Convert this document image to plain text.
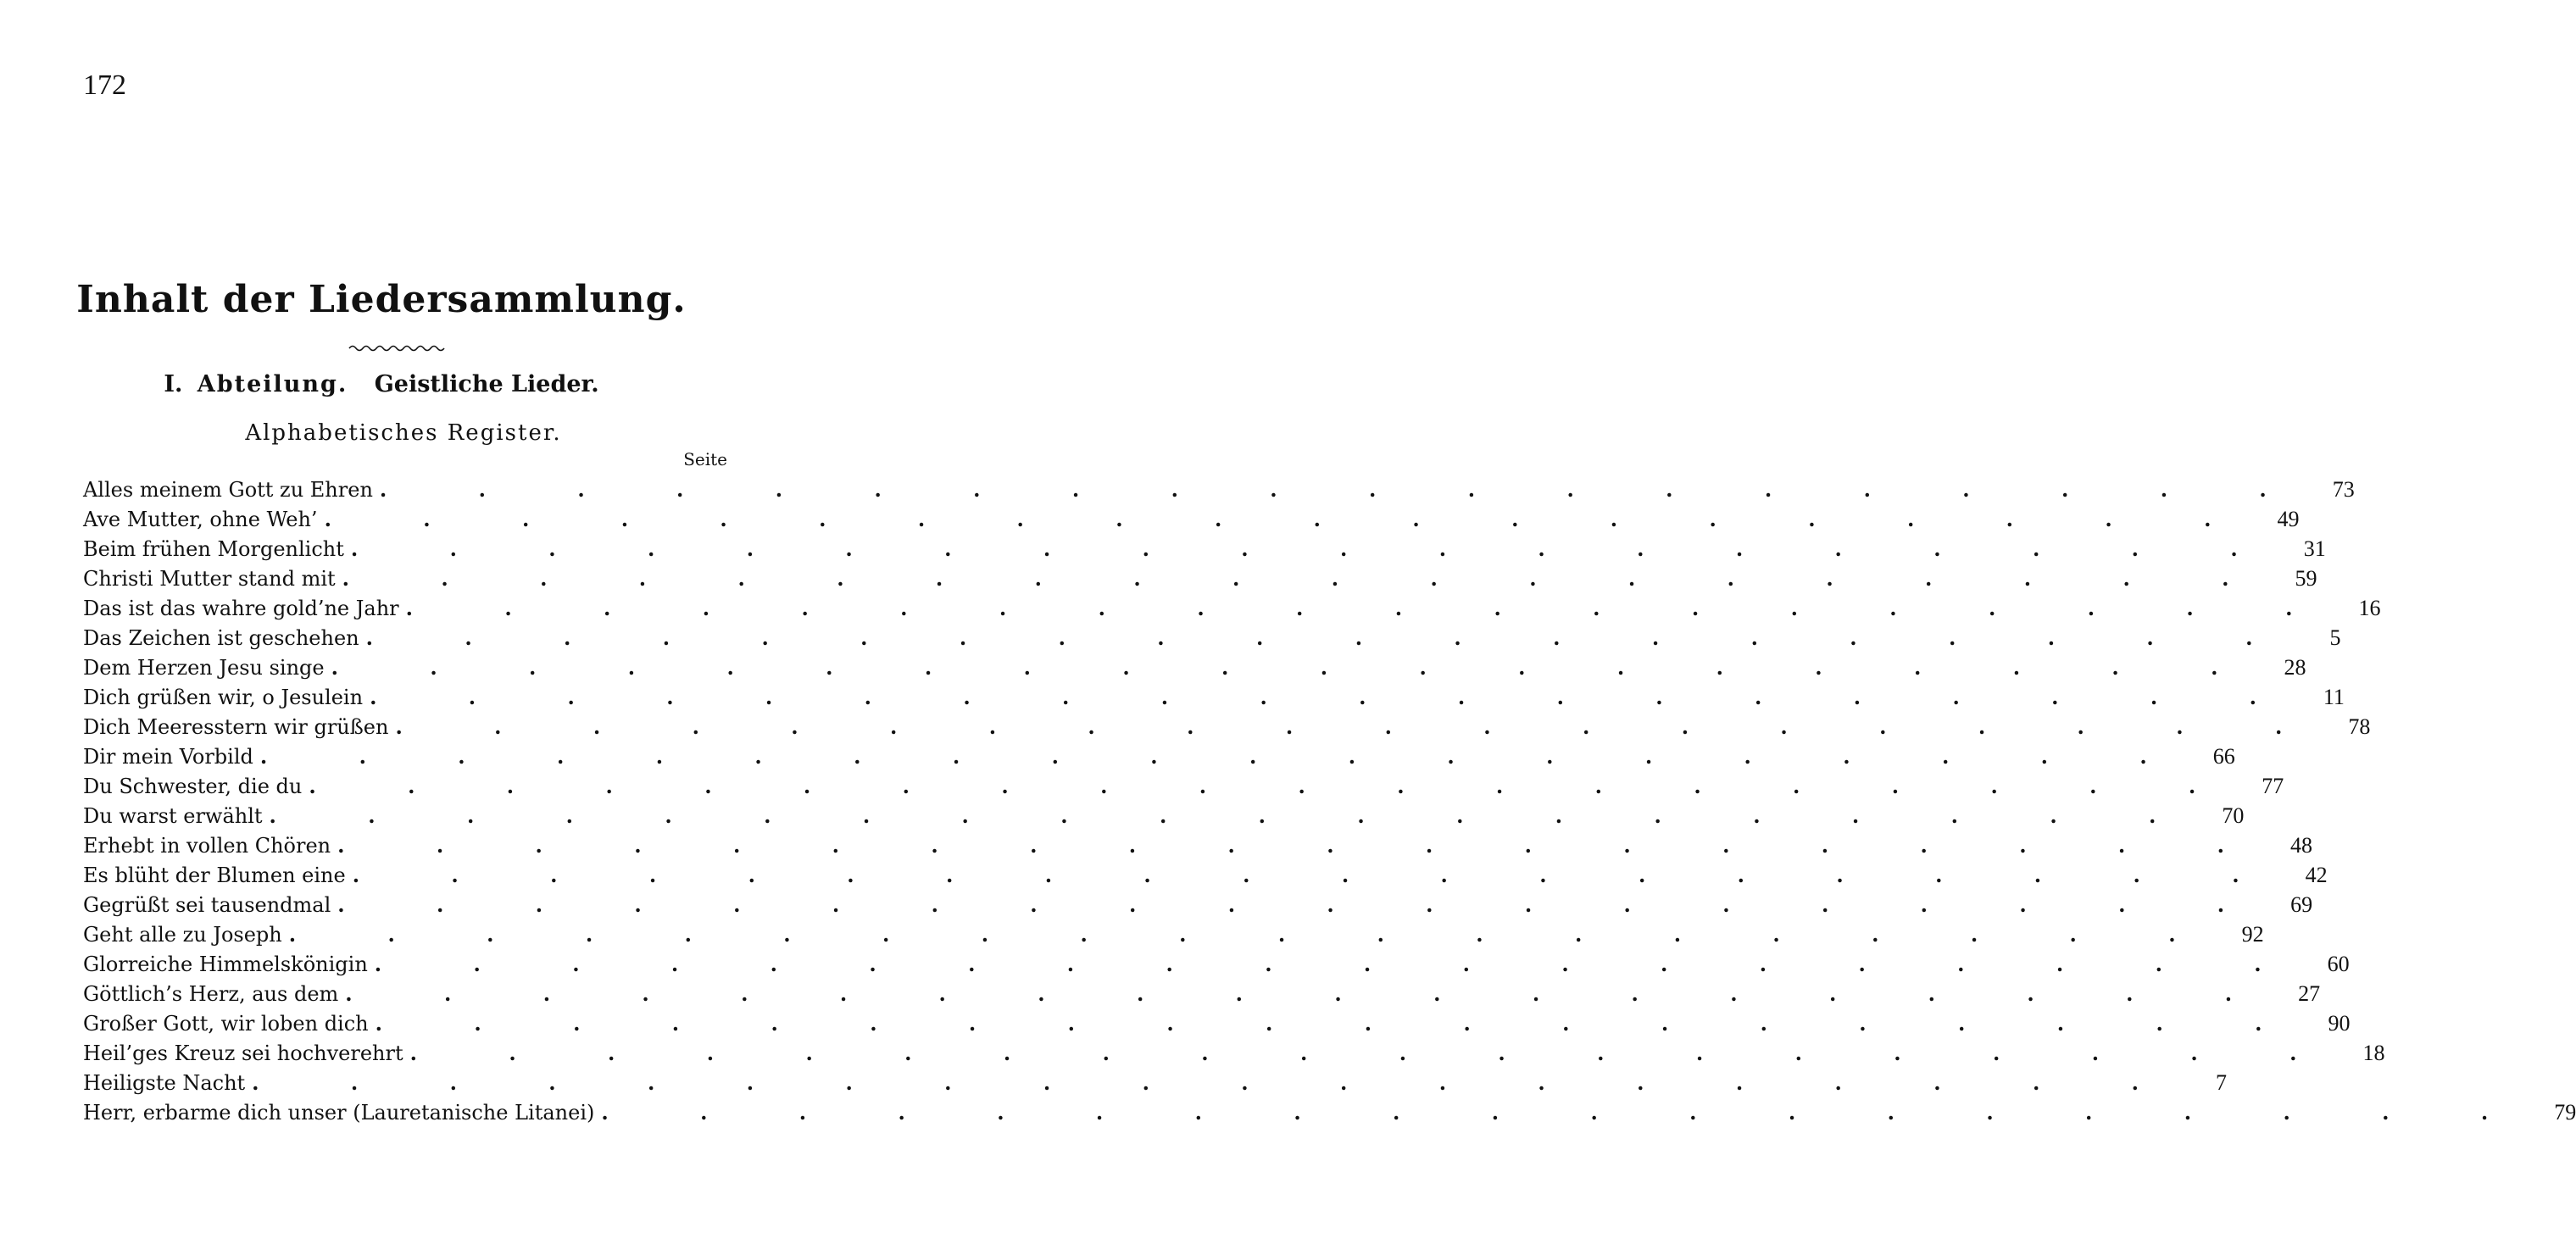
172
Inhalt der Liedersammlung.
I. Abteilung. Geistliche Lieder.
Alphabetisches Register.
Seite
Alles meinem Gott zu Ehren . . . . . . . . . . . . . . . . . . . .	73
Ave Mutter, ohne Weh’ . . . . . . . . . . . . . . . . . . . .	49
Beim frühen Morgenlicht . . . . . . . . . . . . . . . . . . . .	31
Christi Mutter stand mit . . . . . . . . . . . . . . . . . . . .	59
Das ist das wahre gold’ne Jahr . . . . . . . . . . . . . . . . . . . .	16
Das Zeichen ist geschehen . . . . . . . . . . . . . . . . . . . .	5
Dem Herzen Jesu singe . . . . . . . . . . . . . . . . . . . .	28
Dich grüßen wir, o Jesulein . . . . . . . . . . . . . . . . . . . .	11
Dich Meeresstern wir grüßen . . . . . . . . . . . . . . . . . . . .	78
Dir mein Vorbild . . . . . . . . . . . . . . . . . . . .	66
Du Schwester, die du . . . . . . . . . . . . . . . . . . . .	77
Du warst erwählt . . . . . . . . . . . . . . . . . . . .	70
Erhebt in vollen Chören . . . . . . . . . . . . . . . . . . . .	48
Es blüht der Blumen eine . . . . . . . . . . . . . . . . . . . .	42
Gegrüßt sei tausendmal . . . . . . . . . . . . . . . . . . . .	69
Geht alle zu Joseph . . . . . . . . . . . . . . . . . . . .	92
Glorreiche Himmelskönigin . . . . . . . . . . . . . . . . . . . .	60
Göttlich’s Herz, aus dem . . . . . . . . . . . . . . . . . . . .	27
Großer Gott, wir loben dich . . . . . . . . . . . . . . . . . . . .	90
Heil’ges Kreuz sei hochverehrt . . . . . . . . . . . . . . . . . . . .	18
Heiligste Nacht . . . . . . . . . . . . . . . . . . . .	7
Herr, erbarme dich unser (Lauretanische Litanei) . . . . . . . . . . . . . . . . . . . .	79
